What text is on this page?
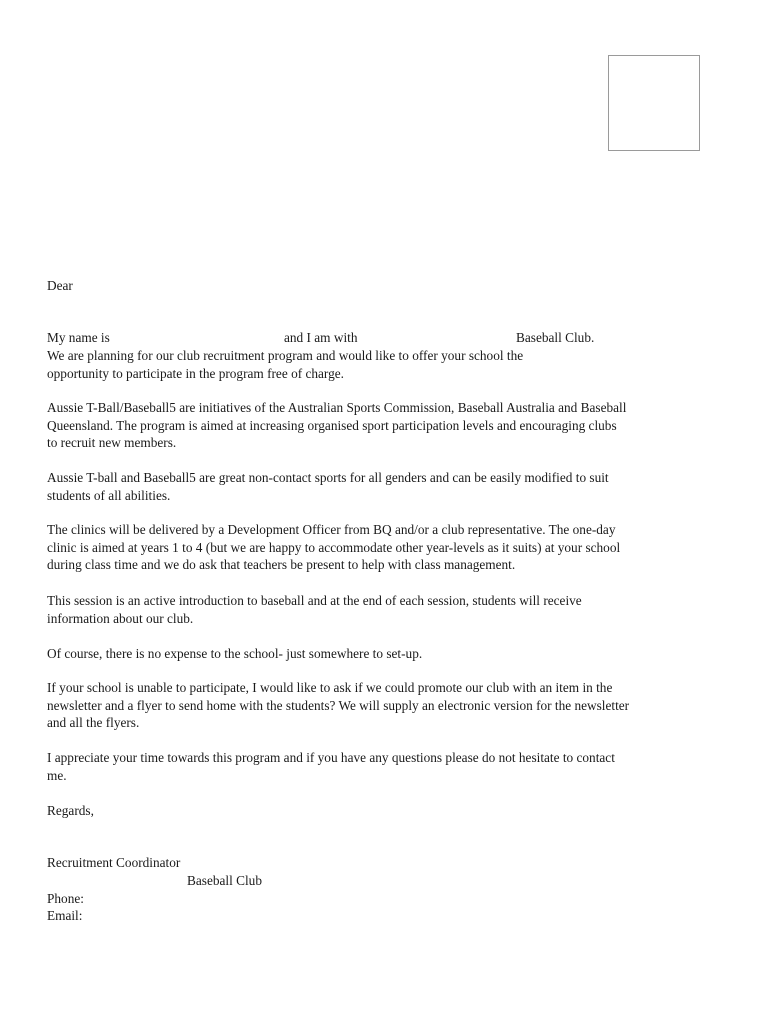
Dear
My name is	and I am with	Baseball Club.
We are planning for our club recruitment program and would like to offer your school the
opportunity to participate in the program free of charge.
Aussie T-Ball/Baseball5 are initiatives of the Australian Sports Commission, Baseball Australia and Baseball
Queensland. The program is aimed at increasing organised sport participation levels and encouraging clubs
to recruit new members.
Aussie T-ball and Baseball5 are great non-contact sports for all genders and can be easily modified to suit
students of all abilities.
The clinics will be delivered by a Development Officer from BQ and/or a club representative. The one-day
clinic is aimed at years 1 to 4 (but we are happy to accommodate other year-levels as it suits) at your school
during class time and we do ask that teachers be present to help with class management.
This session is an active introduction to baseball and at the end of each session, students will receive
information about our club.
Of course, there is no expense to the school- just somewhere to set-up.
If your school is unable to participate, I would like to ask if we could promote our club with an item in the
newsletter and a flyer to send home with the students? We will supply an electronic version for the newsletter
and all the flyers.
I appreciate your time towards this program and if you have any questions please do not hesitate to contact
me.
Regards,
Recruitment Coordinator
Baseball Club
Phone:
Email:
